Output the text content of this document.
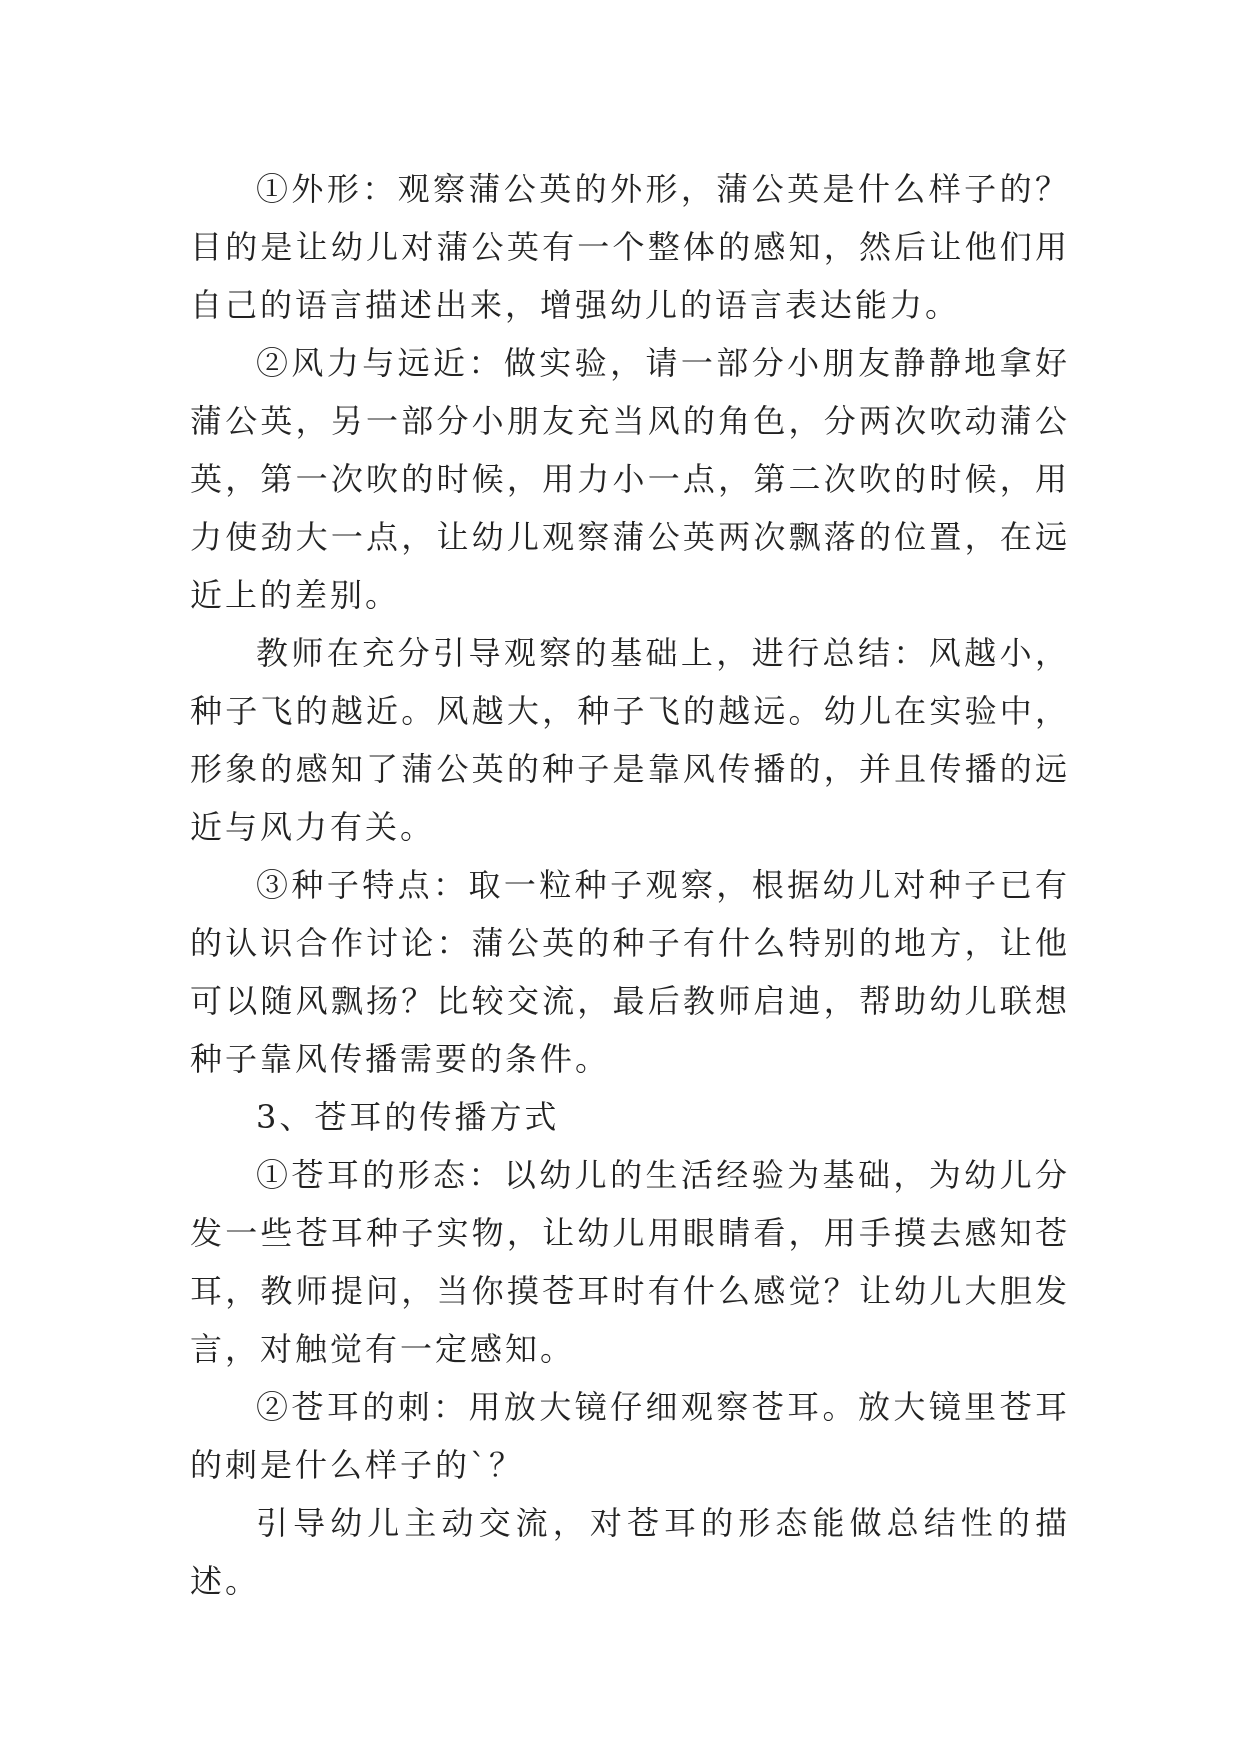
①外形：观察蒲公英的外形，蒲公英是什么样子的？目的是让幼儿对蒲公英有一个整体的感知，然后让他们用自己的语言描述出来，增强幼儿的语言表达能力。

②风力与远近：做实验，请一部分小朋友静静地拿好蒲公英，另一部分小朋友充当风的角色，分两次吹动蒲公英，第一次吹的时候，用力小一点，第二次吹的时候，用力使劲大一点，让幼儿观察蒲公英两次飘落的位置，在远近上的差别。

教师在充分引导观察的基础上，进行总结：风越小，种子飞的越近。风越大，种子飞的越远。幼儿在实验中，形象的感知了蒲公英的种子是靠风传播的，并且传播的远近与风力有关。

③种子特点：取一粒种子观察，根据幼儿对种子已有的认识合作讨论：蒲公英的种子有什么特别的地方，让他可以随风飘扬？比较交流，最后教师启迪，帮助幼儿联想种子靠风传播需要的条件。

3、苍耳的传播方式

①苍耳的形态：以幼儿的生活经验为基础，为幼儿分发一些苍耳种子实物，让幼儿用眼睛看，用手摸去感知苍耳，教师提问，当你摸苍耳时有什么感觉？让幼儿大胆发言，对触觉有一定感知。

②苍耳的刺：用放大镜仔细观察苍耳。放大镜里苍耳的刺是什么样子的`？

引导幼儿主动交流，对苍耳的形态能做总结性的描述。
